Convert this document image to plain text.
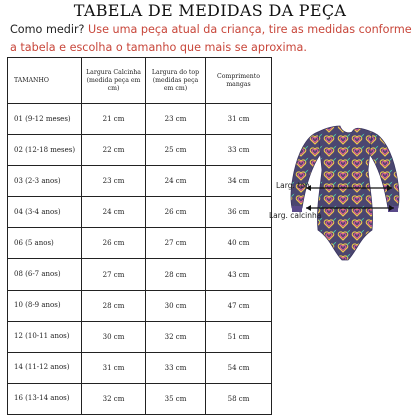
TABELA DE MEDIDAS DA PEÇA
Como medir? Use uma peça atual da criança, tire as medidas conforme a tabela e escolha o tamanho que mais se aproxima.
TAMANHO	Largura Calcinha (medida peça em cm)	Largura do top (medidas peça em cm)	Comprimento mangas
01 (9-12 meses)	21 cm	23 cm	31 cm
02 (12-18 meses)	22 cm	25 cm	33 cm
03 (2-3 anos)	23 cm	24 cm	34 cm
04 (3-4 anos)	24 cm	26 cm	36 cm
06 (5 anos)	26 cm	27 cm	40 cm
08 (6-7 anos)	27 cm	28 cm	43 cm
10 (8-9 anos)	28 cm	30 cm	47 cm
12 (10-11 anos)	30 cm	32 cm	51 cm
14 (11-12 anos)	31 cm	33 cm	54 cm
16 (13-14 anos)	32 cm	35 cm	58 cm
Larg. top
Larg. calcinha
